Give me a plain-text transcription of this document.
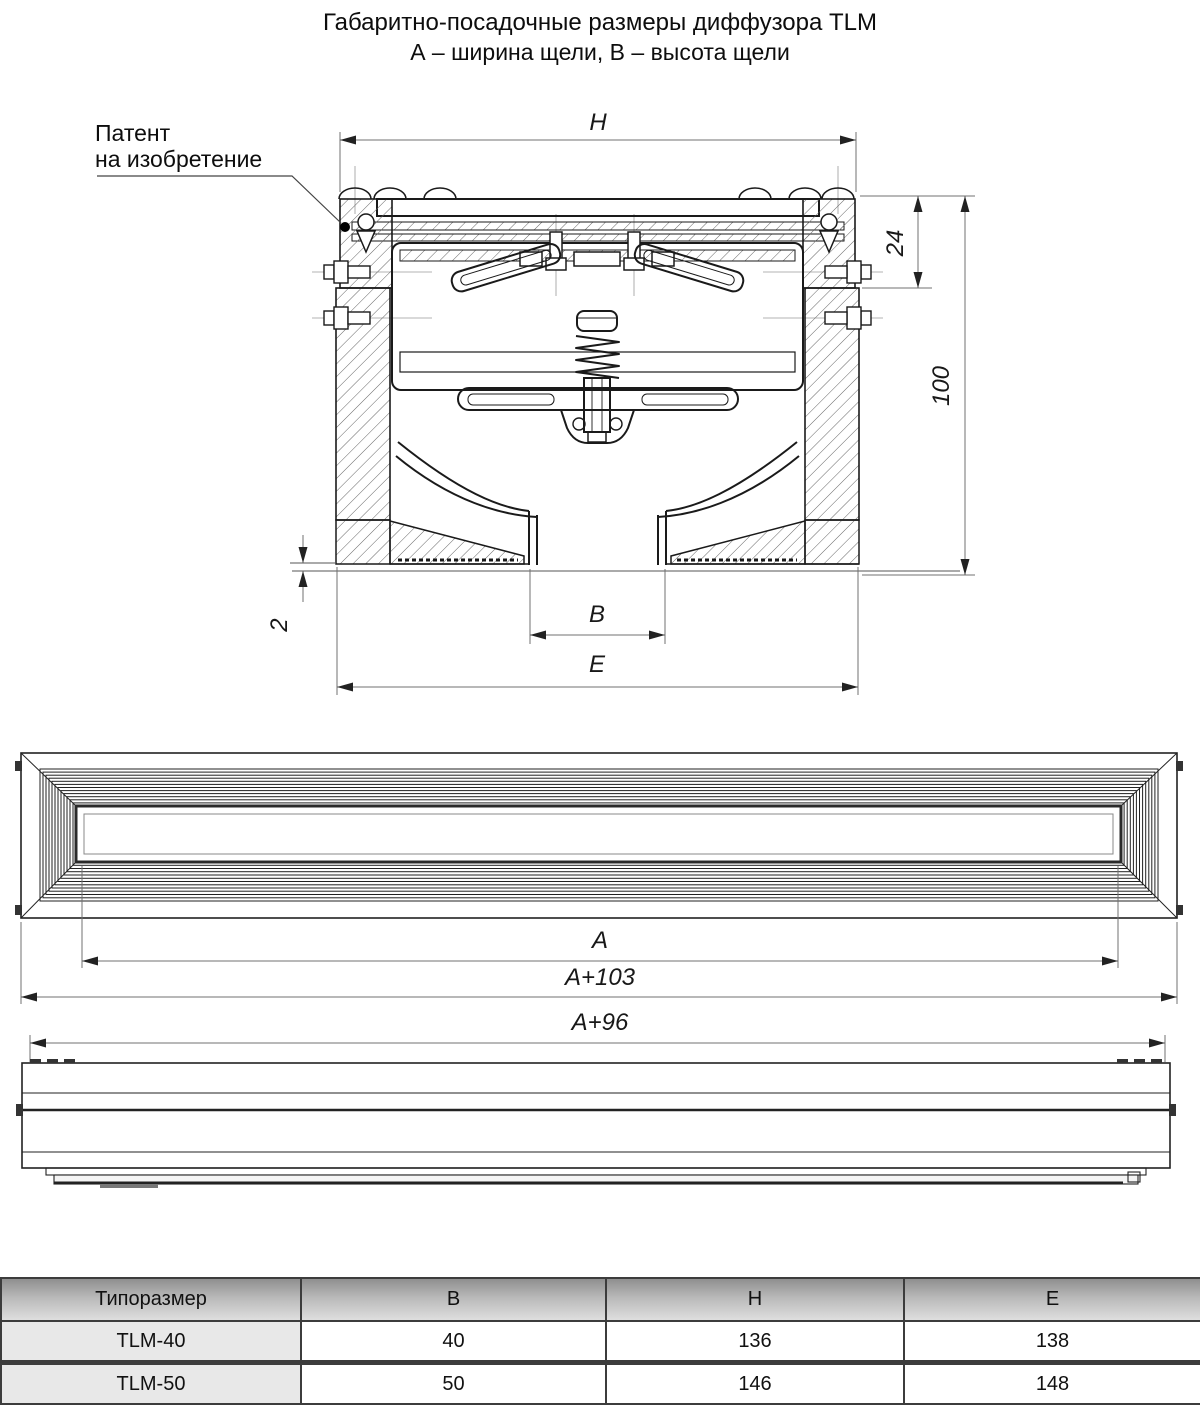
Габаритно-посадочные размеры диффузора TLM
А – ширина щели, В – высота щели
Патент
на изобретение
H
24
100
2	B
E
A
A+103
A+96
Типоразмер	B	H	E
TLM-40	40	136	138
TLM-50	50	146	148
